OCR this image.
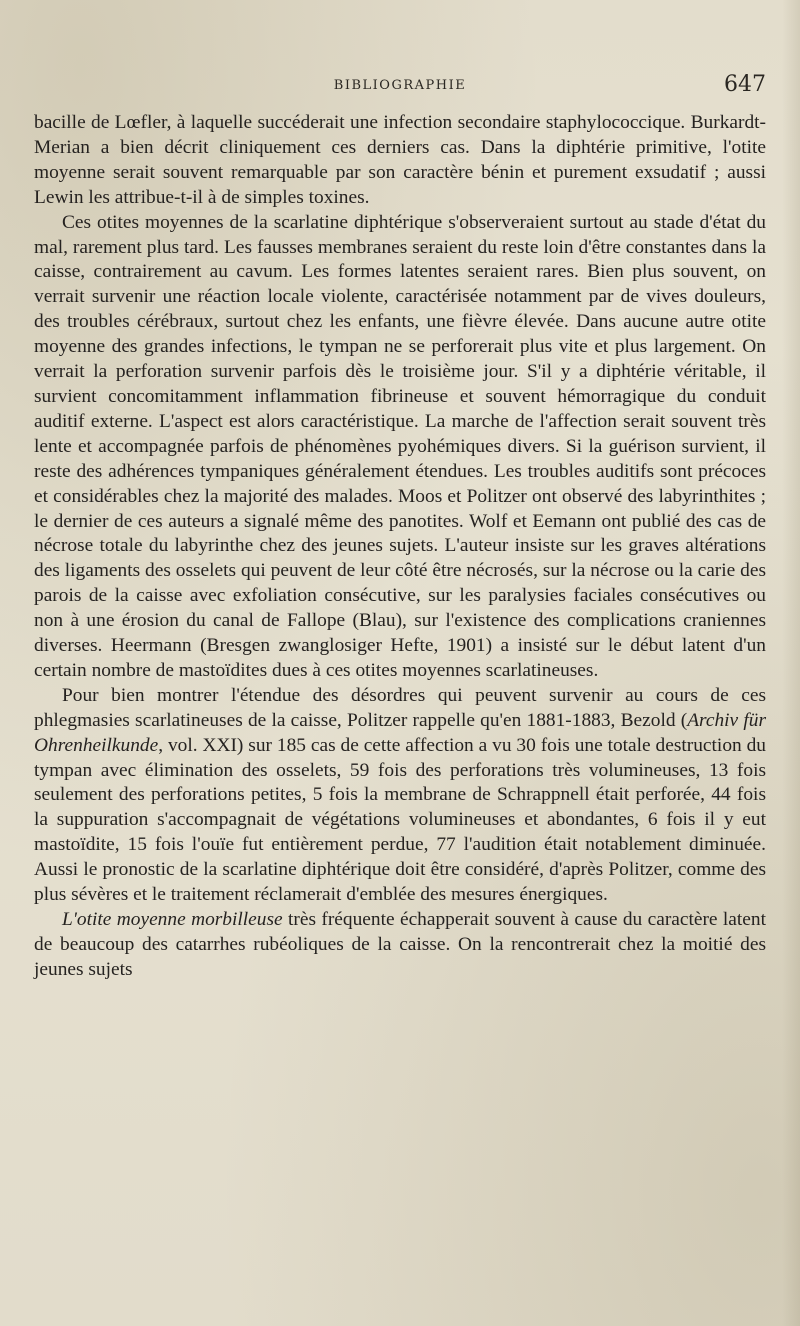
BIBLIOGRAPHIE	647

bacille de Lœfler, à laquelle succéderait une infection secondaire staphylococcique. Burkardt-Merian a bien décrit cliniquement ces derniers cas. Dans la diphtérie primitive, l'otite moyenne serait souvent remarquable par son caractère bénin et purement exsudatif ; aussi Lewin les attribue-t-il à de simples toxines.

Ces otites moyennes de la scarlatine diphtérique s'observeraient surtout au stade d'état du mal, rarement plus tard. Les fausses membranes seraient du reste loin d'être constantes dans la caisse, contrairement au cavum. Les formes latentes seraient rares. Bien plus souvent, on verrait survenir une réaction locale violente, caractérisée notamment par de vives douleurs, des troubles cérébraux, surtout chez les enfants, une fièvre élevée. Dans aucune autre otite moyenne des grandes infections, le tympan ne se perforerait plus vite et plus largement. On verrait la perforation survenir parfois dès le troisième jour. S'il y a diphtérie véritable, il survient concomitamment inflammation fibrineuse et souvent hémorragique du conduit auditif externe. L'aspect est alors caractéristique. La marche de l'affection serait souvent très lente et accompagnée parfois de phénomènes pyohémiques divers. Si la guérison survient, il reste des adhérences tympaniques généralement étendues. Les troubles auditifs sont précoces et considérables chez la majorité des malades. Moos et Politzer ont observé des labyrinthites ; le dernier de ces auteurs a signalé même des panotites. Wolf et Eemann ont publié des cas de nécrose totale du labyrinthe chez des jeunes sujets. L'auteur insiste sur les graves altérations des ligaments des osselets qui peuvent de leur côté être nécrosés, sur la nécrose ou la carie des parois de la caisse avec exfoliation consécutive, sur les paralysies faciales consécutives ou non à une érosion du canal de Fallope (Blau), sur l'existence des complications craniennes diverses. Heermann (Bresgen zwanglosiger Hefte, 1901) a insisté sur le début latent d'un certain nombre de mastoïdites dues à ces otites moyennes scarlatineuses.

Pour bien montrer l'étendue des désordres qui peuvent survenir au cours de ces phlegmasies scarlatineuses de la caisse, Politzer rappelle qu'en 1881-1883, Bezold (Archiv für Ohrenheilkunde, vol. XXI) sur 185 cas de cette affection a vu 30 fois une totale destruction du tympan avec élimination des osselets, 59 fois des perforations très volumineuses, 13 fois seulement des perforations petites, 5 fois la membrane de Schrappnell était perforée, 44 fois la suppuration s'accompagnait de végétations volumineuses et abondantes, 6 fois il y eut mastoïdite, 15 fois l'ouïe fut entièrement perdue, 77 l'audition était notablement diminuée. Aussi le pronostic de la scarlatine diphtérique doit être considéré, d'après Politzer, comme des plus sévères et le traitement réclamerait d'emblée des mesures énergiques.

L'otite moyenne morbilleuse très fréquente échapperait souvent à cause du caractère latent de beaucoup des catarrhes rubéoliques de la caisse. On la rencontrerait chez la moitié des jeunes sujets
